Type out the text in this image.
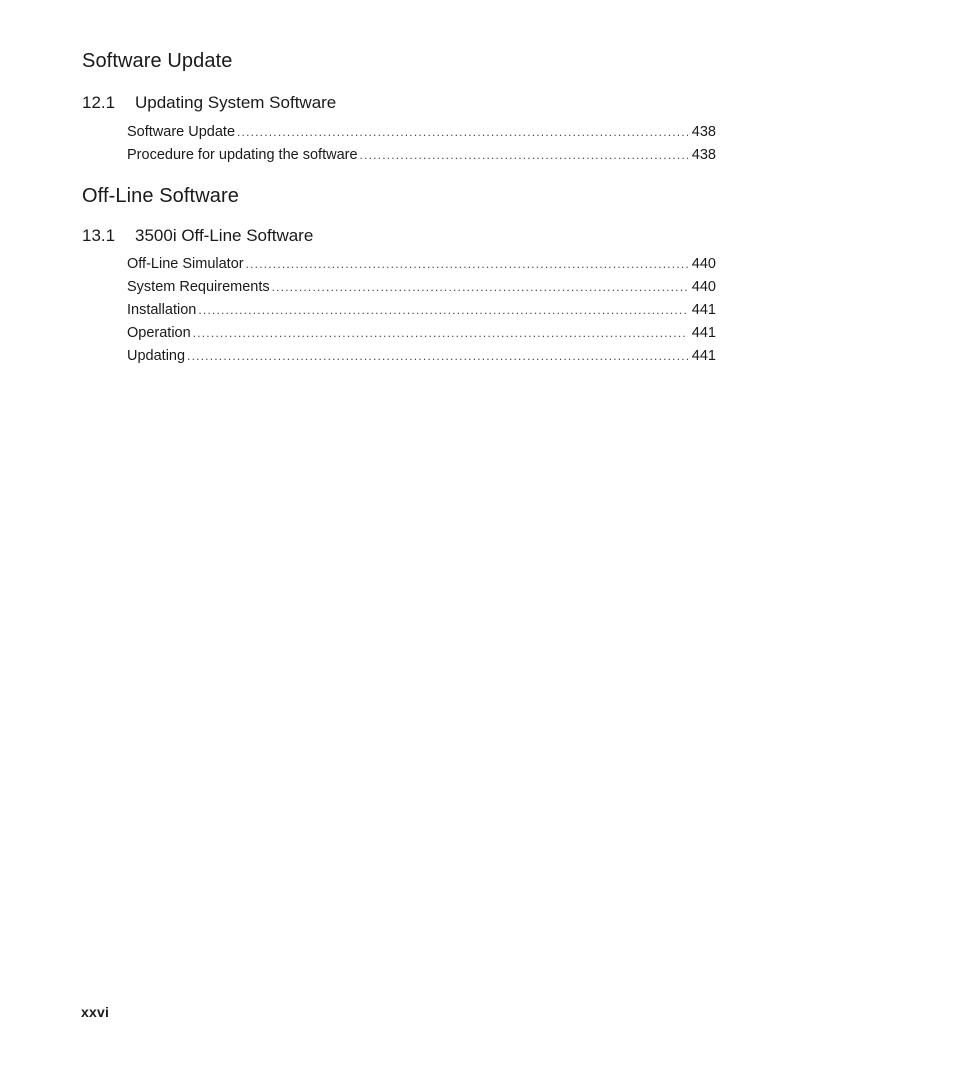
Software Update
12.1	Updating System Software
Software Update .....	438
Procedure for updating the software .....	438
Off-Line Software
13.1	3500i Off-Line Software
Off-Line Simulator .....	440
System Requirements .....	440
Installation .....	441
Operation .....	441
Updating .....	441
xxvi
